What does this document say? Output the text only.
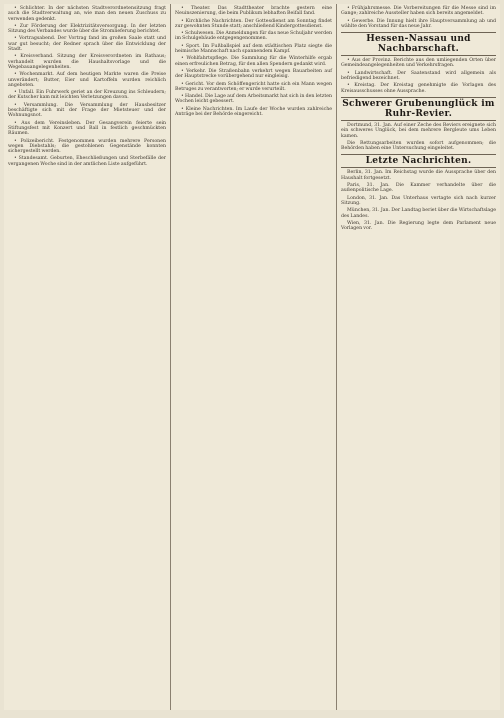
• Schlichter. In der nächsten Stadtverordnetensitzung fragt auch die Stadtverwaltung an, wie man den neuen Zuschuss zu verwenden gedenkt.

• Zur Förderung der Elektrizitätsversorgung. In der letzten Sitzung des Verbandes wurde über die Stromlieferung berichtet.

• Vortragsabend. Der Vortrag fand im großen Saale statt und war gut besucht; der Redner sprach über die Entwicklung der Stadt.

• Kreisverband. Sitzung der Kreisverordneten im Rathaus; verhandelt wurden die Haushaltsvorlage und die Wegebauangelegenheiten.

• Wochenmarkt. Auf dem heutigen Markte waren die Preise unverändert; Butter, Eier und Kartoffeln wurden reichlich angeboten.

• Unfall. Ein Fuhrwerk geriet an der Kreuzung ins Schleudern; der Kutscher kam mit leichten Verletzungen davon.

• Versammlung. Die Versammlung der Hausbesitzer beschäftigte sich mit der Frage der Mietsteuer und der Wohnungsnot.

• Aus dem Vereinsleben. Der Gesangverein feierte sein Stiftungsfest mit Konzert und Ball in festlich geschmückten Räumen.

• Polizeibericht. Festgenommen wurden mehrere Personen wegen Diebstahls; die gestohlenen Gegenstände konnten sichergestellt werden.

• Standesamt. Geburten, Eheschließungen und Sterbefälle der vergangenen Woche sind in der amtlichen Liste aufgeführt.

• Theater. Das Stadttheater brachte gestern eine Neuinszenierung, die beim Publikum lebhaften Beifall fand.

• Kirchliche Nachrichten. Der Gottesdienst am Sonntag findet zur gewohnten Stunde statt; anschließend Kindergottesdienst.

• Schulwesen. Die Anmeldungen für das neue Schuljahr werden im Schulgebäude entgegengenommen.

• Sport. Im Fußballspiel auf dem städtischen Platz siegte die heimische Mannschaft nach spannendem Kampf.

• Wohlfahrtspflege. Die Sammlung für die Winterhilfe ergab einen erfreulichen Betrag, für den allen Spendern gedankt wird.

• Verkehr. Die Straßenbahn verkehrt wegen Bauarbeiten auf der Hauptstrecke vorübergehend nur eingleisig.

• Gericht. Vor dem Schöffengericht hatte sich ein Mann wegen Betruges zu verantworten; er wurde verurteilt.

• Handel. Die Lage auf dem Arbeitsmarkt hat sich in den letzten Wochen leicht gebessert.

• Kleine Nachrichten. Im Laufe der Woche wurden zahlreiche Anträge bei der Behörde eingereicht.

• Frühjahrsmesse. Die Vorbereitungen für die Messe sind im Gange; zahlreiche Aussteller haben sich bereits angemeldet.

• Gewerbe. Die Innung hielt ihre Hauptversammlung ab und wählte den Vorstand für das neue Jahr.

Hessen-Nassau und Nachbarschaft.

• Aus der Provinz. Berichte aus den umliegenden Orten über Gemeindeangelegenheiten und Verkehrsfragen.

• Landwirtschaft. Der Saatenstand wird allgemein als befriedigend bezeichnet.

• Kreistag. Der Kreistag genehmigte die Vorlagen des Kreisausschusses ohne Aussprache.

Schwerer Grubenunglück im Ruhr-Revier.

Dortmund, 31. Jan. Auf einer Zeche des Reviers ereignete sich ein schweres Unglück, bei dem mehrere Bergleute ums Leben kamen.

Die Rettungsarbeiten wurden sofort aufgenommen; die Behörden haben eine Untersuchung eingeleitet.

Letzte Nachrichten.

Berlin, 31. Jan. Im Reichstag wurde die Aussprache über den Haushalt fortgesetzt.

Paris, 31. Jan. Die Kammer verhandelte über die außenpolitische Lage.

London, 31. Jan. Das Unterhaus vertagte sich nach kurzer Sitzung.

München, 31. Jan. Der Landtag beriet über die Wirtschaftslage des Landes.

Wien, 31. Jan. Die Regierung legte dem Parlament neue Vorlagen vor.
